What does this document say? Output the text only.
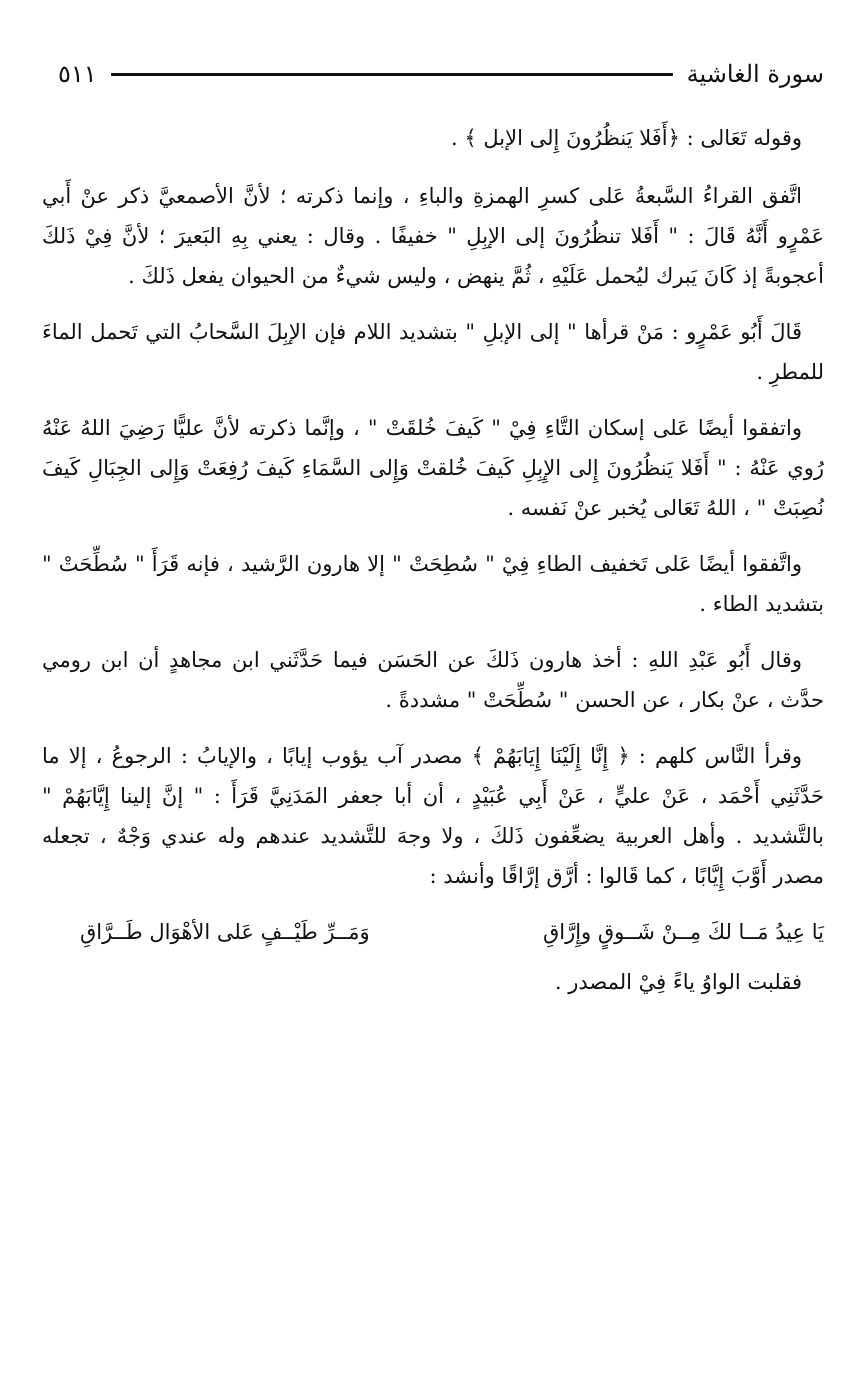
سورة الغاشية
٥١١

وقوله تَعَالى : ﴿أَفَلا يَنظُرُونَ إِلى الإبل ﴾ .

اتَّفق القراءُ السَّبعةُ عَلى كسرِ الهمزةِ والباءِ ، وإنما ذكرته ؛ لأنَّ الأصمعيَّ ذكر عنْ أَبي عَمْرٍو أَنَّهُ قَالَ : " أَفَلا تنظُرُونَ إلى الإبِلِ " خفيفًا . وقال : يعني بِهِ البَعيرَ ؛ لأنَّ فِيْ ذَلكَ أعجوبةً إذ كَانَ يَبرك ليُحمل عَلَيْهِ ، ثُمَّ ينهض ، وليس شيءٌ من الحيوان يفعل ذَلكَ .

قَالَ أَبُو عَمْرٍو : مَنْ قرأها " إلى الإبلِ " بتشديد اللام فإن الإبِلَ السَّحابُ التي تَحمل الماءَ للمطرِ .

واتفقوا أيضًا عَلى إسكان التَّاءِ فِيْ " كَيفَ خُلقَتْ " ، وإنَّما ذكرته لأنَّ عليًّا رَضِيَ اللهُ عَنْهُ رُوي عَنْهُ : " أَفَلا يَنظُرُونَ إِلى الإِبِلِ كَيفَ خُلقتْ وَإِلى السَّمَاءِ كَيفَ رُفِعَتْ وَإِلى الجِبَالِ كَيفَ نُصِبَتْ " ، اللهُ تَعَالى يُخبر عنْ نَفسه .

واتَّفقوا أيضًا عَلى تَخفيف الطاءِ فِيْ " سُطِحَتْ " إلا هارون الرَّشيد ، فإنه قَرَأَ " سُطِّحَتْ " بتشديد الطاء .

وقال أَبُو عَبْدِ اللهِ : أخذ هارون ذَلكَ عن الحَسَن فيما حَدَّثَني ابن مجاهدٍ أن ابن رومي حدَّث ، عنْ بكار ، عن الحسن " سُطِّحَتْ " مشددةً .

وقرأ النَّاس كلهم : ﴿ إِنَّا إِلَيْنَا إِيَابَهُمْ ﴾ مصدر آب يؤوب إيابًا ، والإيابُ : الرجوعُ ، إلا ما حَدَّثَنِي أَحْمَد ، عَنْ عليٍّ ، عَنْ أَبِي عُبَيْدٍ ، أن أبا جعفر المَدَنِيَّ قَرَأَ : " إنَّ إلينا إِيَّابَهُمْ " بالتَّشديد . وأهل العربية يضعِّفون ذَلكَ ، ولا وجهَ للتَّشديد عندهم وله عندي وَجْهٌ ، تجعله مصدر أَوَّبَ إِيَّابًا ، كما قَالوا : أرَّق إرَّاقًا وأنشد :

يَا عِيدُ مَــا لكَ مِــنْ شَــوقٍ وإِرَّاقِ
وَمَــرِّ طَيْــفٍ عَلى الأهْوَال طَــرَّاقِ

فقلبت الواوُ ياءً فِيْ المصدر .
